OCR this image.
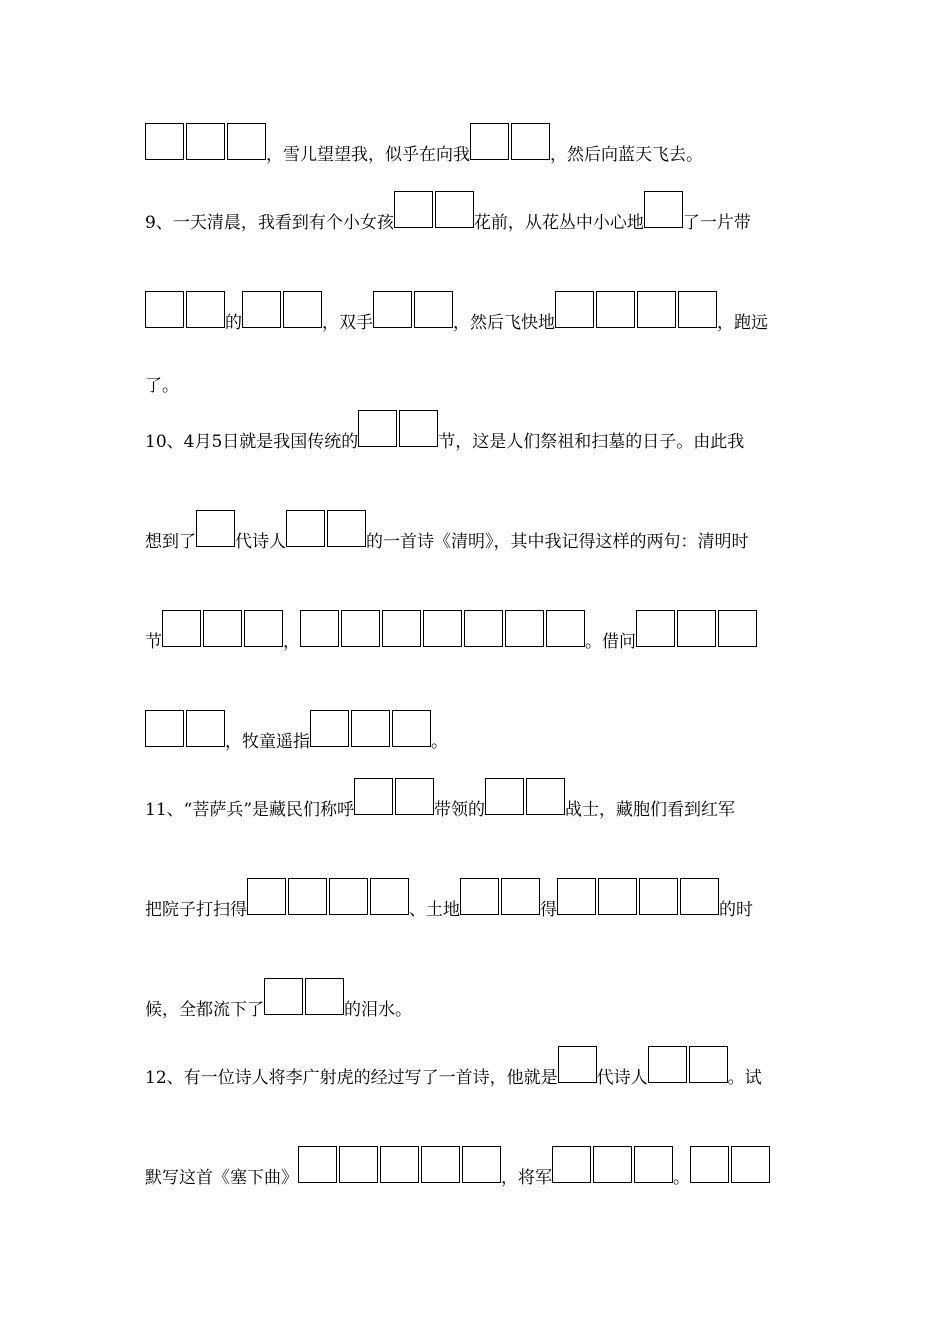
，雪儿望望我，似乎在向我	，然后向蓝天飞去。
9、一天清晨，我看到有个小女孩	花前，从花丛中小心地 了一片带
的	，双手	，然后飞快地	，跑远
了。
10、4月5日就是我国传统的	节，这是人们祭祖和扫墓的日子。由此我
想到了 代诗人	的一首诗《清明》，其中我记得这样的两句：清明时
节	，	。借问
，牧童遥指	。
11、“菩萨兵”是藏民们称呼	带领的	战士，藏胞们看到红军
把院子打扫得	、土地	得	的时
候，全都流下了	的泪水。
12、有一位诗人将李广射虎的经过写了一首诗，他就是 代诗人	。试
默写这首《塞下曲》	，将军	。
